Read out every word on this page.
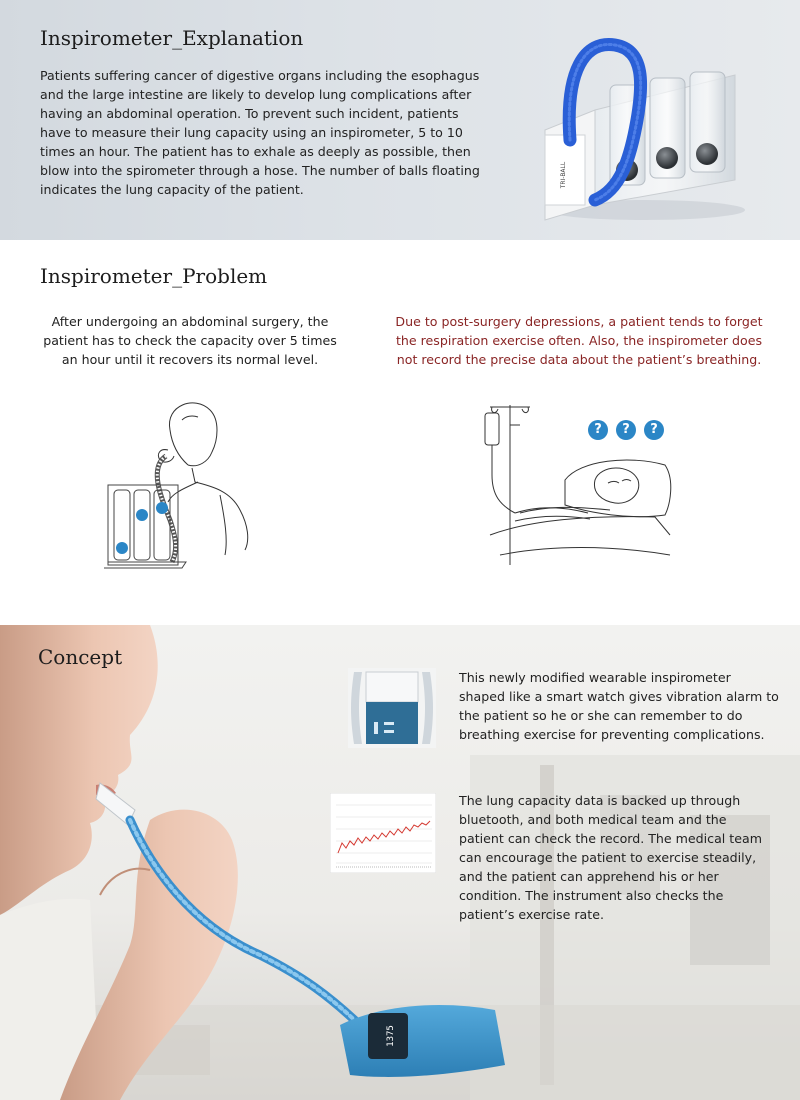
Inspirometer_Explanation

Patients suffering cancer of digestive organs including the esophagus and the large intestine are likely to develop lung complications after having an abdominal operation. To prevent such incident, patients have to measure their lung capacity using an inspirometer, 5 to 10 times an hour. The patient has to exhale as deeply as possible, then blow into the spirometer through a hose. The number of balls floating indicates the lung capacity of the patient.

TRI-BALL
Inspirometer_Problem

After undergoing an abdominal surgery, the patient has to check the capacity over 5 times an hour until it recovers its normal level.

Due to post-surgery depressions, a patient tends to forget the respiration exercise often. Also, the inspirometer does not record the precise data about the patient’s breathing.

?	?	?
1375
Concept

This newly modified wearable inspirometer shaped like a smart watch gives vibration alarm to the patient so he or she can remember to do breathing exercise for preventing complications.

The lung capacity data is backed up through bluetooth, and both medical team and the patient can check the record. The medical team can encourage the patient to exercise steadily, and the patient can apprehend his or her condition. The instrument also checks the patient’s exercise rate.
